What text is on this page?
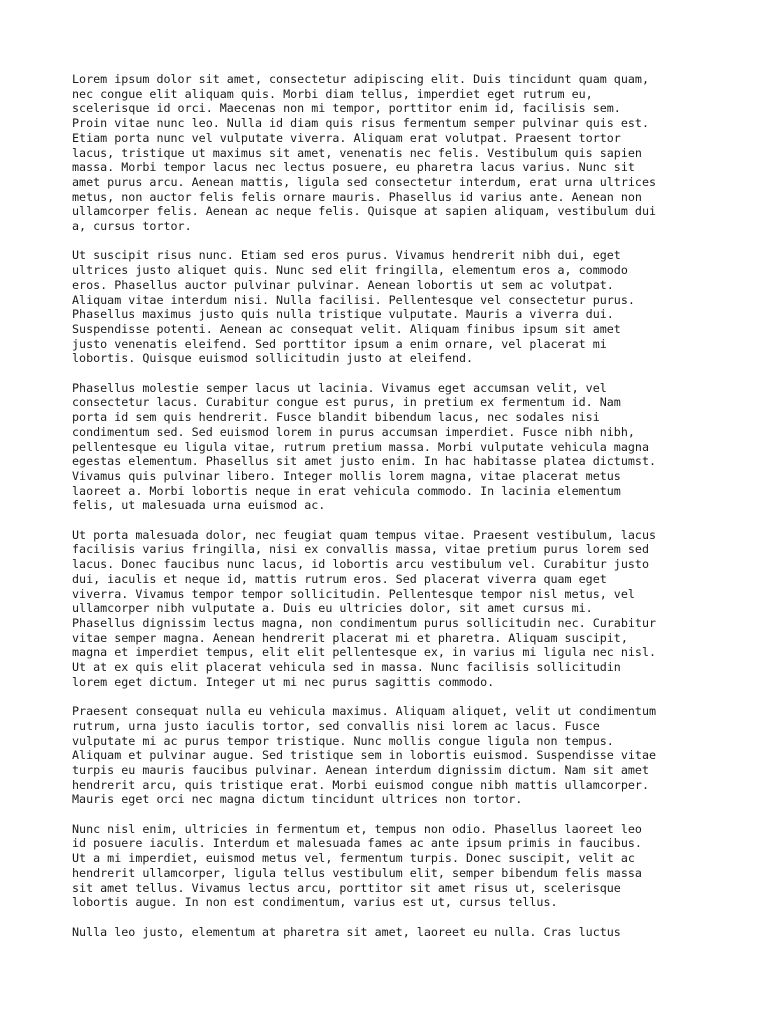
Lorem ipsum dolor sit amet, consectetur adipiscing elit. Duis tincidunt quam quam,
nec congue elit aliquam quis. Morbi diam tellus, imperdiet eget rutrum eu,
scelerisque id orci. Maecenas non mi tempor, porttitor enim id, facilisis sem.
Proin vitae nunc leo. Nulla id diam quis risus fermentum semper pulvinar quis est.
Etiam porta nunc vel vulputate viverra. Aliquam erat volutpat. Praesent tortor
lacus, tristique ut maximus sit amet, venenatis nec felis. Vestibulum quis sapien
massa. Morbi tempor lacus nec lectus posuere, eu pharetra lacus varius. Nunc sit
amet purus arcu. Aenean mattis, ligula sed consectetur interdum, erat urna ultrices
metus, non auctor felis felis ornare mauris. Phasellus id varius ante. Aenean non
ullamcorper felis. Aenean ac neque felis. Quisque at sapien aliquam, vestibulum dui
a, cursus tortor.

Ut suscipit risus nunc. Etiam sed eros purus. Vivamus hendrerit nibh dui, eget
ultrices justo aliquet quis. Nunc sed elit fringilla, elementum eros a, commodo
eros. Phasellus auctor pulvinar pulvinar. Aenean lobortis ut sem ac volutpat.
Aliquam vitae interdum nisi. Nulla facilisi. Pellentesque vel consectetur purus.
Phasellus maximus justo quis nulla tristique vulputate. Mauris a viverra dui.
Suspendisse potenti. Aenean ac consequat velit. Aliquam finibus ipsum sit amet
justo venenatis eleifend. Sed porttitor ipsum a enim ornare, vel placerat mi
lobortis. Quisque euismod sollicitudin justo at eleifend.

Phasellus molestie semper lacus ut lacinia. Vivamus eget accumsan velit, vel
consectetur lacus. Curabitur congue est purus, in pretium ex fermentum id. Nam
porta id sem quis hendrerit. Fusce blandit bibendum lacus, nec sodales nisi
condimentum sed. Sed euismod lorem in purus accumsan imperdiet. Fusce nibh nibh,
pellentesque eu ligula vitae, rutrum pretium massa. Morbi vulputate vehicula magna
egestas elementum. Phasellus sit amet justo enim. In hac habitasse platea dictumst.
Vivamus quis pulvinar libero. Integer mollis lorem magna, vitae placerat metus
laoreet a. Morbi lobortis neque in erat vehicula commodo. In lacinia elementum
felis, ut malesuada urna euismod ac.

Ut porta malesuada dolor, nec feugiat quam tempus vitae. Praesent vestibulum, lacus
facilisis varius fringilla, nisi ex convallis massa, vitae pretium purus lorem sed
lacus. Donec faucibus nunc lacus, id lobortis arcu vestibulum vel. Curabitur justo
dui, iaculis et neque id, mattis rutrum eros. Sed placerat viverra quam eget
viverra. Vivamus tempor tempor sollicitudin. Pellentesque tempor nisl metus, vel
ullamcorper nibh vulputate a. Duis eu ultricies dolor, sit amet cursus mi.
Phasellus dignissim lectus magna, non condimentum purus sollicitudin nec. Curabitur
vitae semper magna. Aenean hendrerit placerat mi et pharetra. Aliquam suscipit,
magna et imperdiet tempus, elit elit pellentesque ex, in varius mi ligula nec nisl.
Ut at ex quis elit placerat vehicula sed in massa. Nunc facilisis sollicitudin
lorem eget dictum. Integer ut mi nec purus sagittis commodo.

Praesent consequat nulla eu vehicula maximus. Aliquam aliquet, velit ut condimentum
rutrum, urna justo iaculis tortor, sed convallis nisi lorem ac lacus. Fusce
vulputate mi ac purus tempor tristique. Nunc mollis congue ligula non tempus.
Aliquam et pulvinar augue. Sed tristique sem in lobortis euismod. Suspendisse vitae
turpis eu mauris faucibus pulvinar. Aenean interdum dignissim dictum. Nam sit amet
hendrerit arcu, quis tristique erat. Morbi euismod congue nibh mattis ullamcorper.
Mauris eget orci nec magna dictum tincidunt ultrices non tortor.

Nunc nisl enim, ultricies in fermentum et, tempus non odio. Phasellus laoreet leo
id posuere iaculis. Interdum et malesuada fames ac ante ipsum primis in faucibus.
Ut a mi imperdiet, euismod metus vel, fermentum turpis. Donec suscipit, velit ac
hendrerit ullamcorper, ligula tellus vestibulum elit, semper bibendum felis massa
sit amet tellus. Vivamus lectus arcu, porttitor sit amet risus ut, scelerisque
lobortis augue. In non est condimentum, varius est ut, cursus tellus.

Nulla leo justo, elementum at pharetra sit amet, laoreet eu nulla. Cras luctus
